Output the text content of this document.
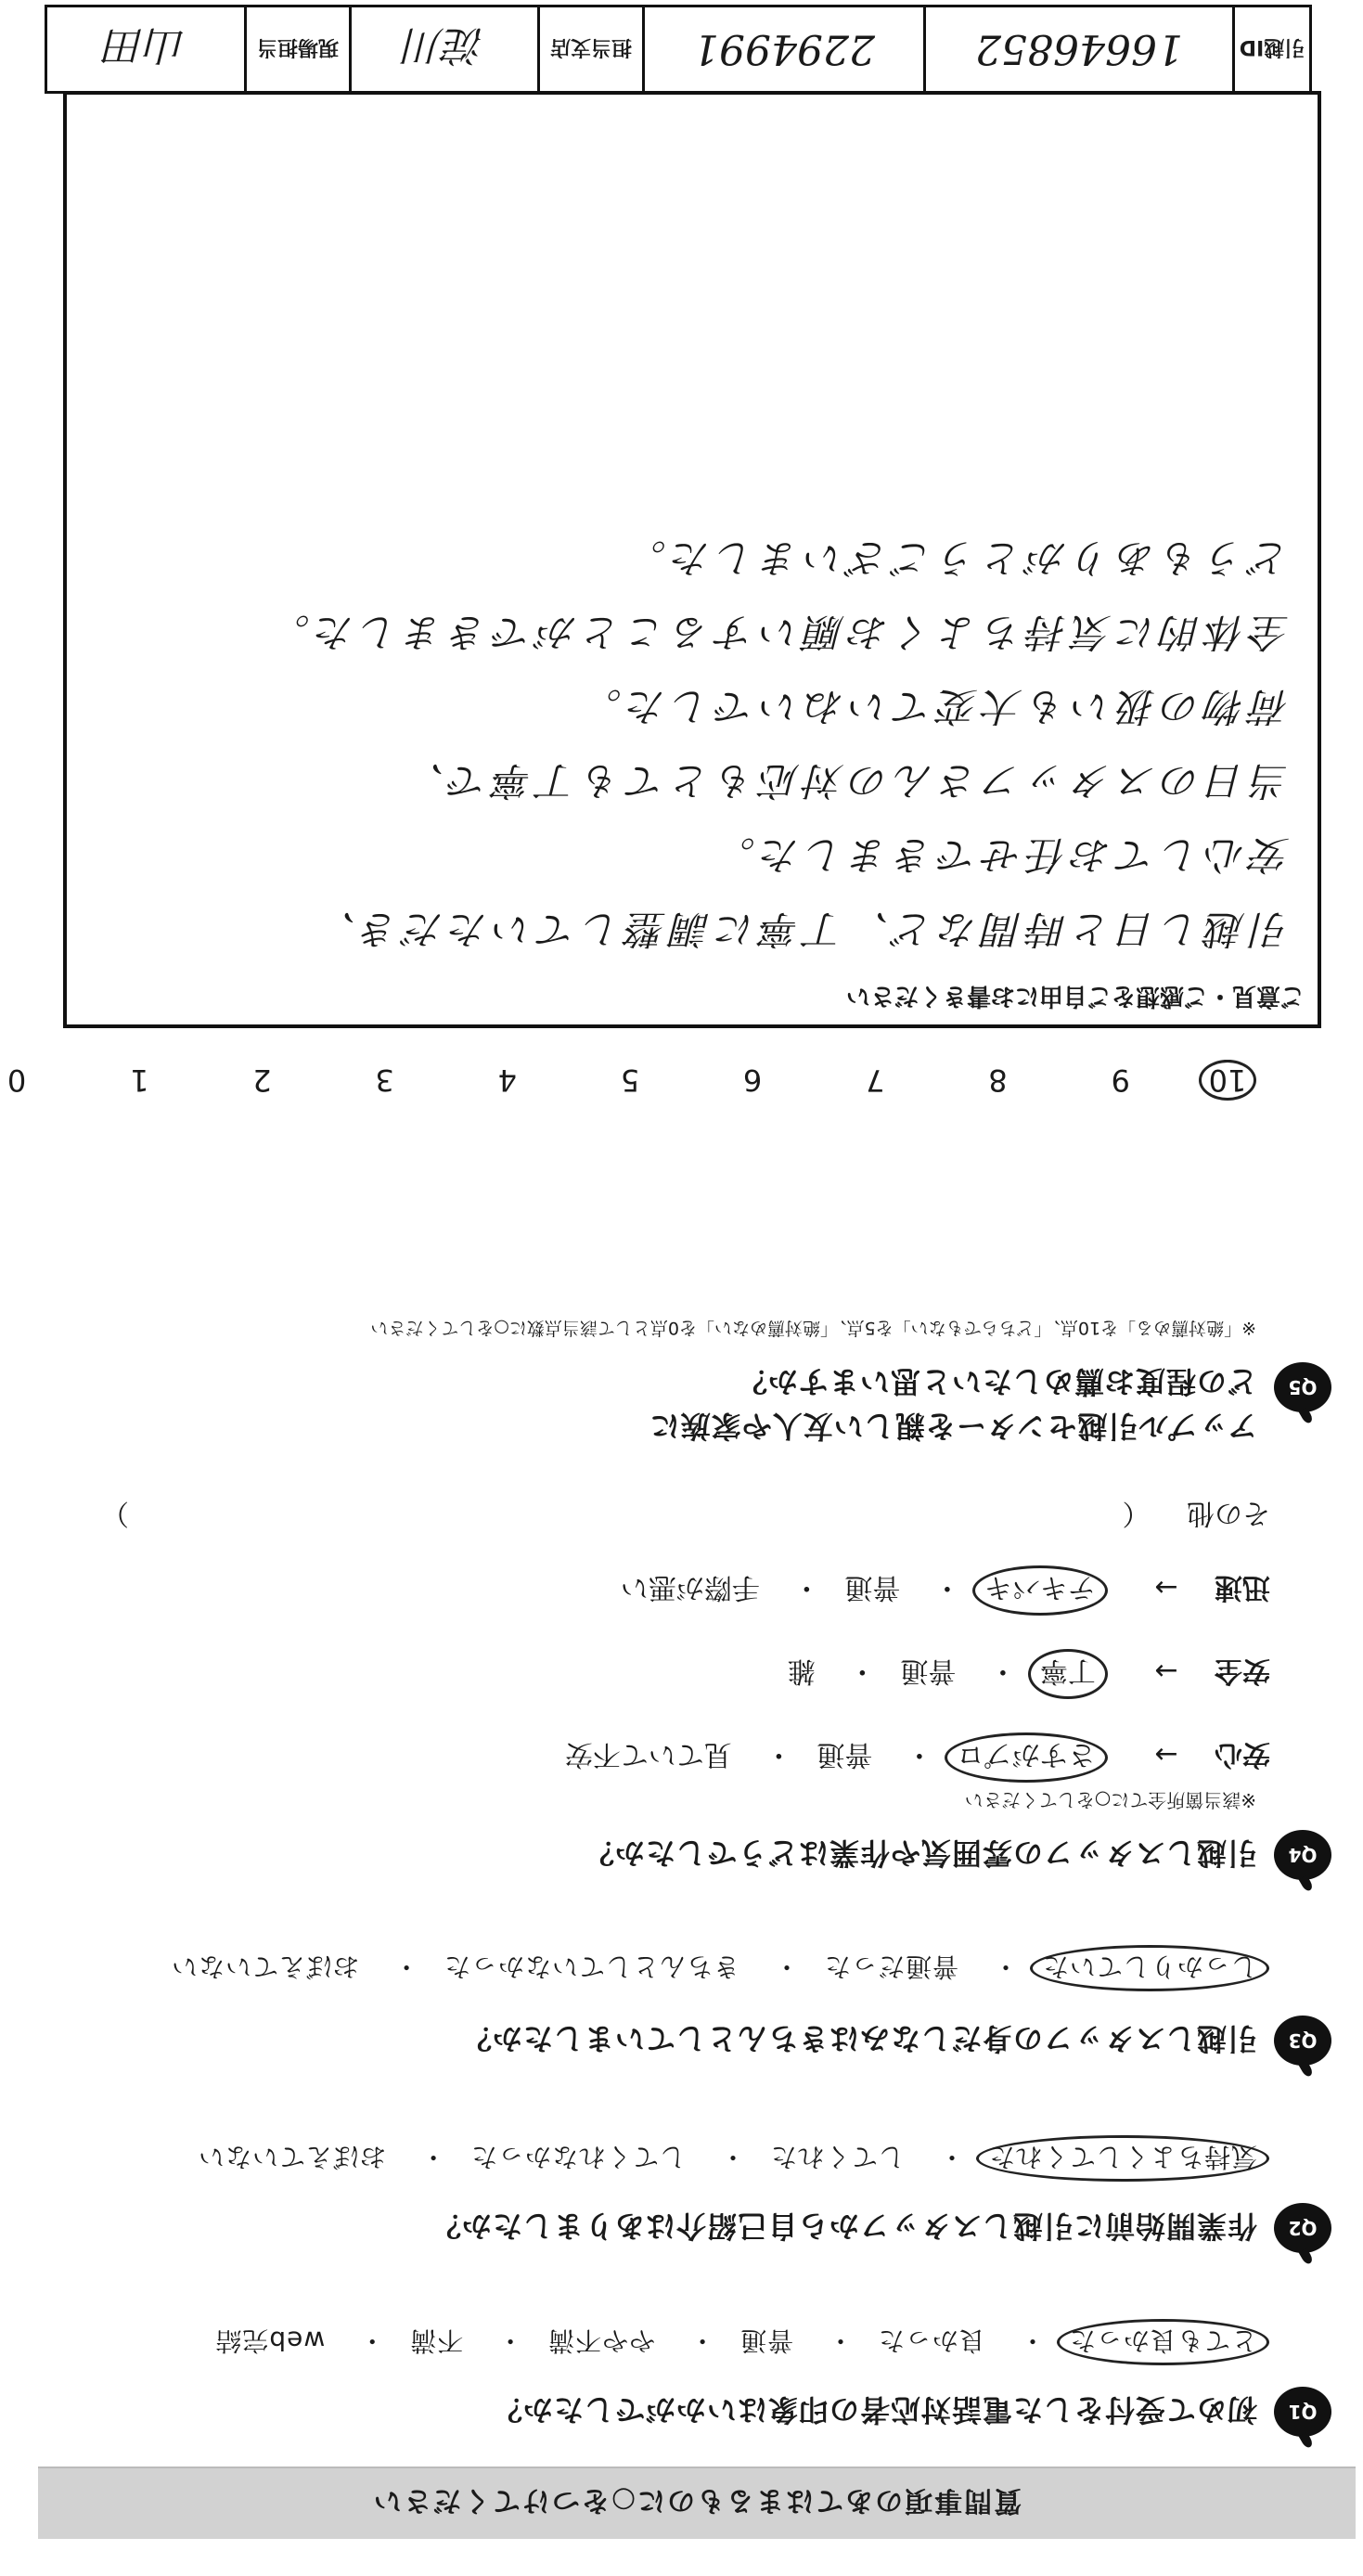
質問事項のあてはまるものに○をつけてください
Q1
初めて受付をした電話対応者の印象はいかがでしたか？
とても良かった・ 良かった・ 普通・ やや不満・ 不満・ web完結
Q2
作業開始前に引越しスタッフから自己紹介はありましたか？
気持ちよくしてくれた・ してくれた・ してくれなかった・ おぼえていない
Q3
引越しスタッフの身だしなみはきちんとしていましたか？
しっかりしていた・ 普通だった・ きちんとしていなかった・ おぼえていない
Q4
引越しスタッフの雰囲気や作業はどうでしたか？
※該当箇所全てに○をしてください
安心 → さすがプロ・ 普通・ 見ていて不安
安全 → 丁寧・ 普通・ 雑
迅速 → テキパキ・ 普通・ 手際が悪い
その他 （
）
Q5
アップル引越センターを親しい友人や家族に
どの程度お薦めしたいと思いますか？
※「絶対薦める」を10点、「どちらでもない」を5点、「絶対薦めない」を0点として該当点数に○をしてください
10 9 8 7 6 5 4 3 2 1 0
ご意見・ご感想をご自由にお書きください
引越し日と時間など、丁寧に調整していただき、
安心してお任せできました。
当日のスタッフさんの対応もとても丁寧で、
荷物の扱いも大変ていねいでした。
全体的に気持ちよくお願いすることができました。
どうもありがとうございました。
引越ID
16646852
2294991
担当支店
淀川
現場担当
山田
